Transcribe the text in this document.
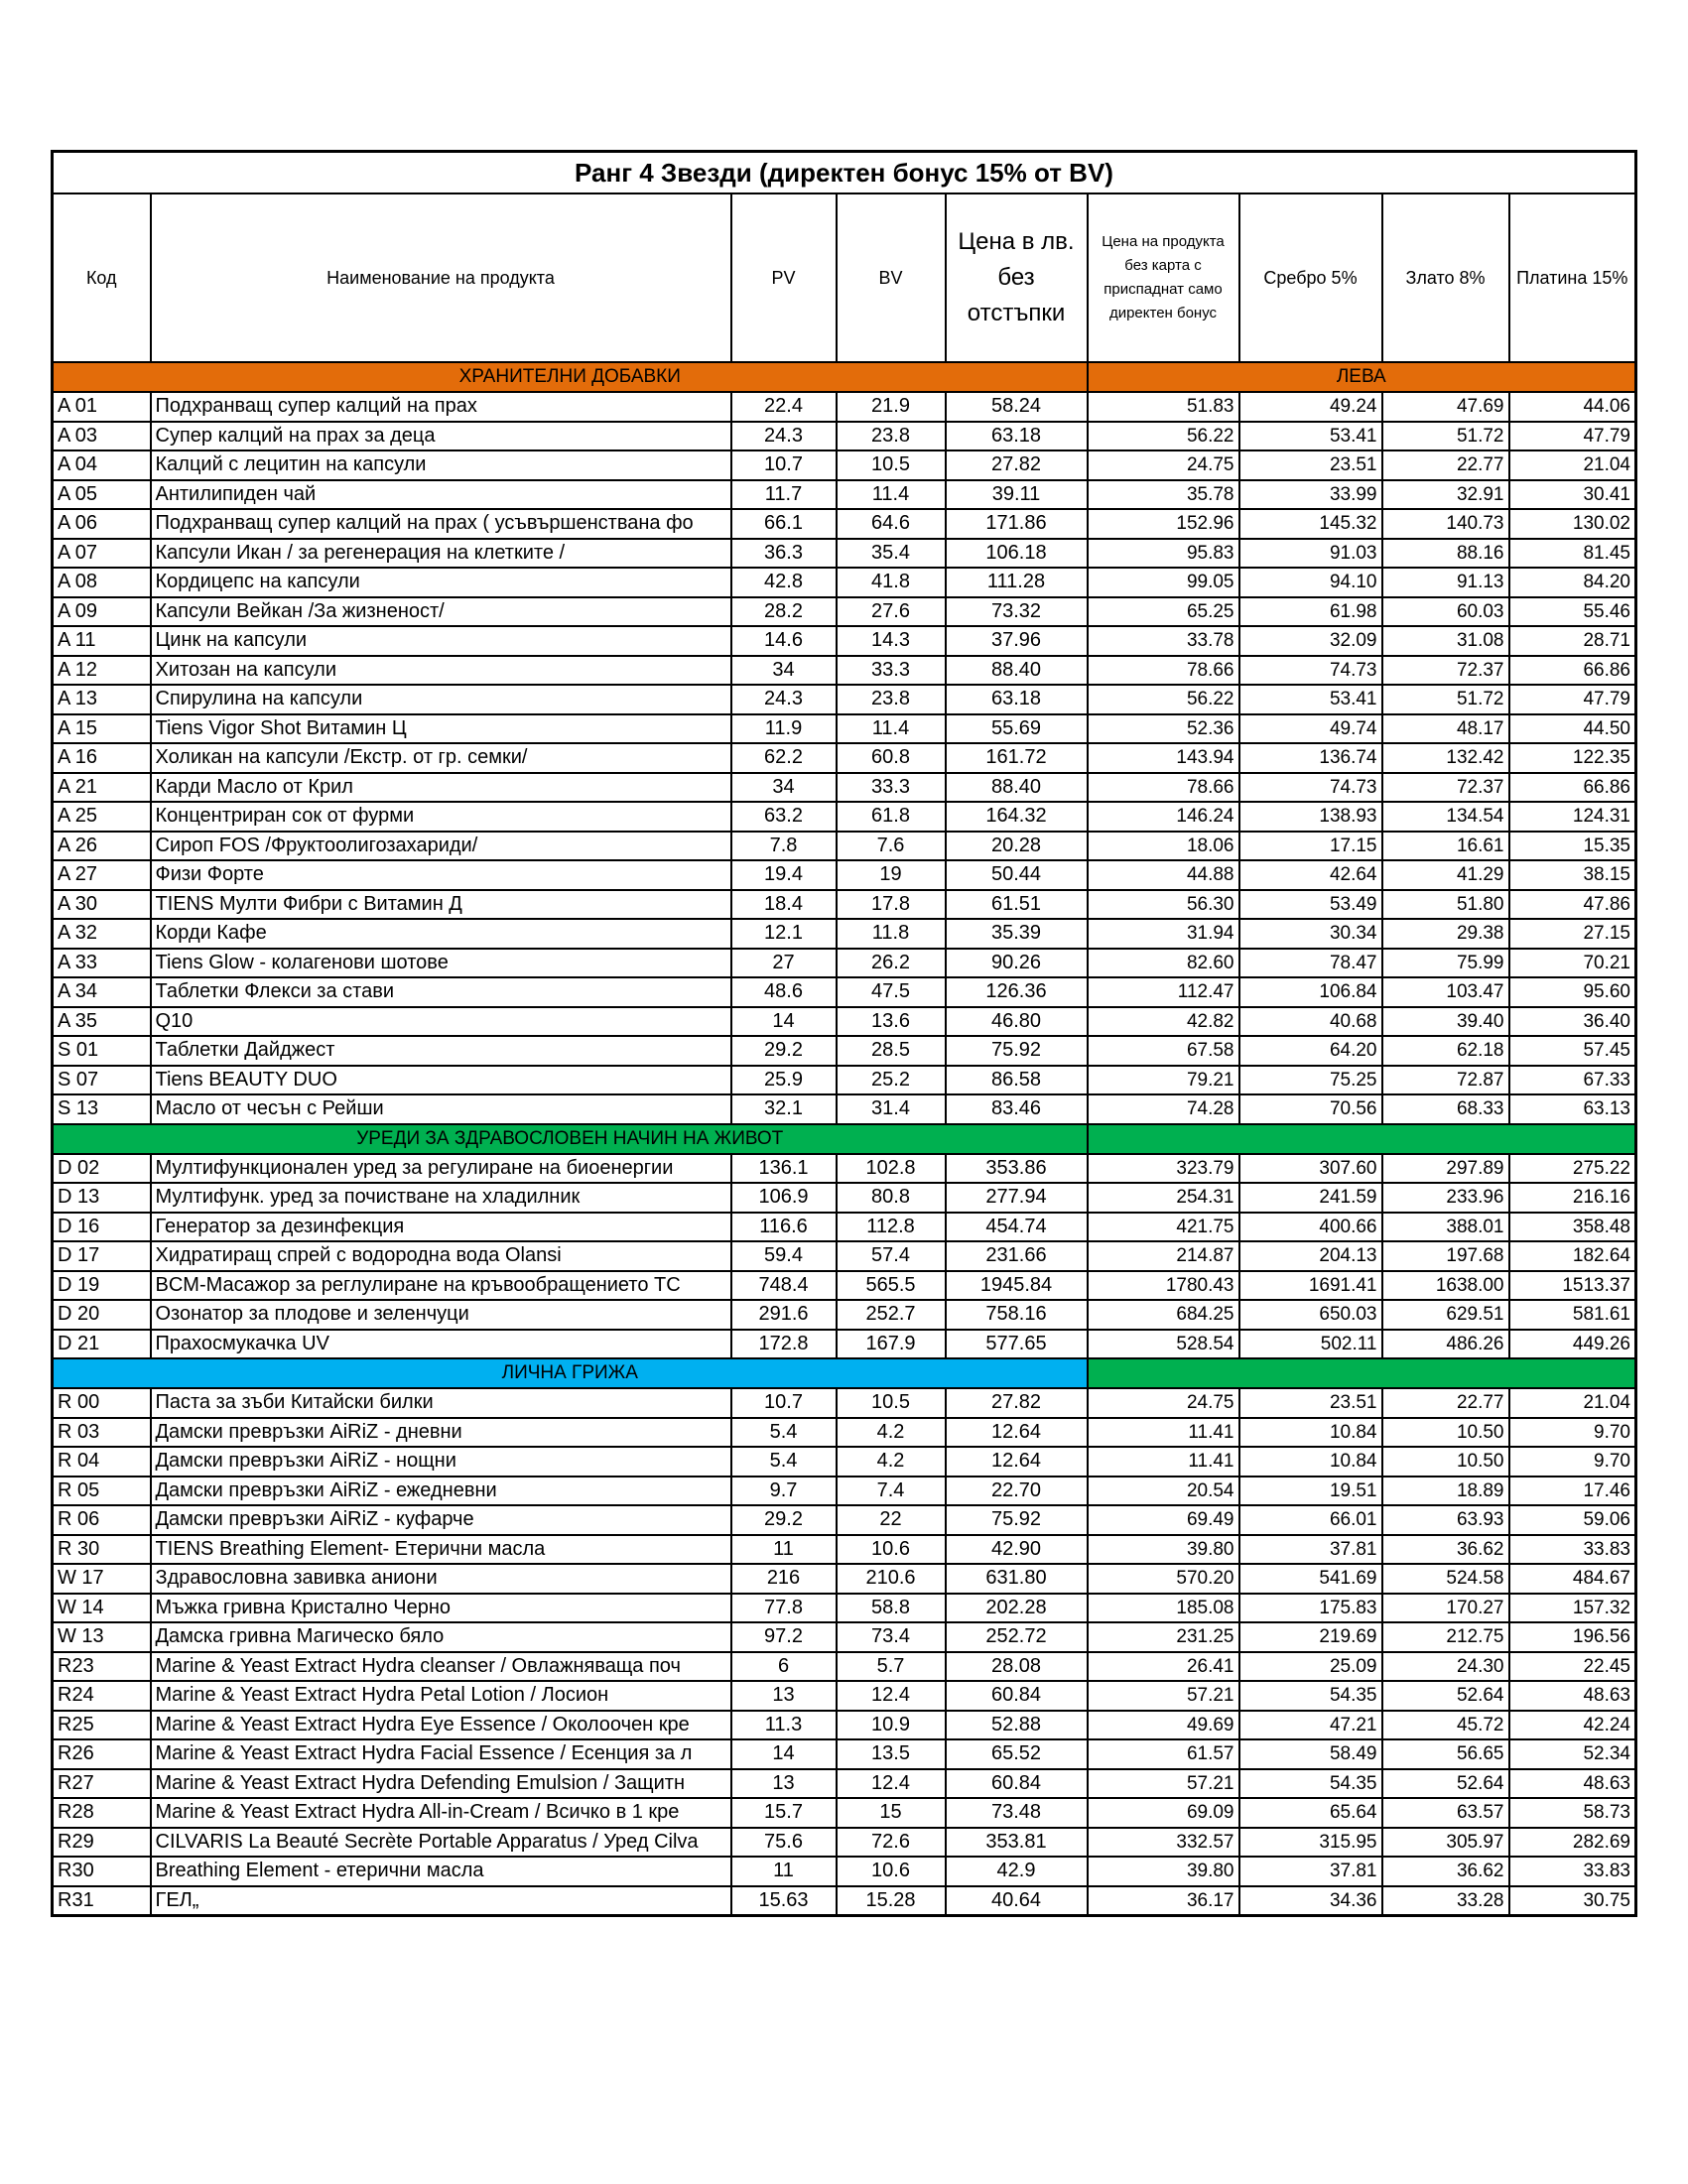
Ранг 4 Звезди (директен бонус 15% от BV)								
Код	Наименование на продукта	PV	BV	Цена в лв. без отстъпки	Цена на продукта без карта с приспаднат само директен бонус	Сребро 5%	Злато 8%	Платина 15%
ХРАНИТЕЛНИ ДОБАВКИ					ЛЕВА			
A 01	Подхранващ супер калций на прах	22.4	21.9	58.24	51.83	49.24	47.69	44.06
A 03	Супер калций на прах за деца	24.3	23.8	63.18	56.22	53.41	51.72	47.79
A 04	Калций с лецитин на капсули	10.7	10.5	27.82	24.75	23.51	22.77	21.04
A 05	Антилипиден чай	11.7	11.4	39.11	35.78	33.99	32.91	30.41
A 06	Подхранващ супер калций на прах ( усъвършенствана фо	66.1	64.6	171.86	152.96	145.32	140.73	130.02
A 07	Капсули Икан / за регенерация на клетките /	36.3	35.4	106.18	95.83	91.03	88.16	81.45
A 08	Кордицепс на капсули	42.8	41.8	111.28	99.05	94.10	91.13	84.20
A 09	Капсули Вейкан /За жизненост/	28.2	27.6	73.32	65.25	61.98	60.03	55.46
A 11	Цинк на капсули	14.6	14.3	37.96	33.78	32.09	31.08	28.71
A 12	Хитозан на капсули	34	33.3	88.40	78.66	74.73	72.37	66.86
A 13	Спирулина на капсули	24.3	23.8	63.18	56.22	53.41	51.72	47.79
A 15	Tiens Vigor Shot Витамин Ц	11.9	11.4	55.69	52.36	49.74	48.17	44.50
A 16	Холикан на капсули /Екстр. от гр. семки/	62.2	60.8	161.72	143.94	136.74	132.42	122.35
A 21	Карди Масло от Крил	34	33.3	88.40	78.66	74.73	72.37	66.86
A 25	Концентриран сок от фурми	63.2	61.8	164.32	146.24	138.93	134.54	124.31
A 26	Сироп FOS /Фруктоолигозахариди/	7.8	7.6	20.28	18.06	17.15	16.61	15.35
A 27	Физи Форте	19.4	19	50.44	44.88	42.64	41.29	38.15
A 30	TIENS Мулти Фибри с Витамин Д	18.4	17.8	61.51	56.30	53.49	51.80	47.86
A 32	Корди Кафе	12.1	11.8	35.39	31.94	30.34	29.38	27.15
A 33	Tiens Glow - колагенови шотове	27	26.2	90.26	82.60	78.47	75.99	70.21
A 34	Таблетки Флекси за стави	48.6	47.5	126.36	112.47	106.84	103.47	95.60
A 35	Q10	14	13.6	46.80	42.82	40.68	39.40	36.40
S 01	Таблетки Дайджест	29.2	28.5	75.92	67.58	64.20	62.18	57.45
S 07	Tiens BEAUTY DUO	25.9	25.2	86.58	79.21	75.25	72.87	67.33
S 13	Масло от чесън с Рейши	32.1	31.4	83.46	74.28	70.56	68.33	63.13
УРЕДИ ЗА ЗДРАВОСЛОВЕН НАЧИН НА ЖИВОТ								
D 02	Мултифункционален уред за регулиране на биоенергии	136.1	102.8	353.86	323.79	307.60	297.89	275.22
D 13	Мултифунк. уред за почистване на хладилник	106.9	80.8	277.94	254.31	241.59	233.96	216.16
D 16	Генератор за дезинфекция	116.6	112.8	454.74	421.75	400.66	388.01	358.48
D 17	Хидратиращ спрей с водородна вода Olansi	59.4	57.4	231.66	214.87	204.13	197.68	182.64
D 19	BCM-Масажор за реглулиране на кръвообращението TC	748.4	565.5	1945.84	1780.43	1691.41	1638.00	1513.37
D 20	Озонатор за плодове и зеленчуци	291.6	252.7	758.16	684.25	650.03	629.51	581.61
D 21	Прахосмукачка UV	172.8	167.9	577.65	528.54	502.11	486.26	449.26
ЛИЧНА ГРИЖА								
R 00	Паста за зъби Китайски билки	10.7	10.5	27.82	24.75	23.51	22.77	21.04
R 03	Дамски превръзки AiRiZ - дневни	5.4	4.2	12.64	11.41	10.84	10.50	9.70
R 04	Дамски превръзки AiRiZ - нощни	5.4	4.2	12.64	11.41	10.84	10.50	9.70
R 05	Дамски превръзки AiRiZ - ежедневни	9.7	7.4	22.70	20.54	19.51	18.89	17.46
R 06	Дамски превръзки AiRiZ - куфарче	29.2	22	75.92	69.49	66.01	63.93	59.06
R 30	TIENS Breathing Element- Етерични масла	11	10.6	42.90	39.80	37.81	36.62	33.83
W 17	Здравословна завивка аниони	216	210.6	631.80	570.20	541.69	524.58	484.67
W 14	Мъжка гривна Кристално Черно	77.8	58.8	202.28	185.08	175.83	170.27	157.32
W 13	Дамска гривна Магическо бяло	97.2	73.4	252.72	231.25	219.69	212.75	196.56
R23	Marine & Yeast Extract Hydra cleanser / Овлажняваща поч	6	5.7	28.08	26.41	25.09	24.30	22.45
R24	Marine & Yeast Extract Hydra Petal Lotion / Лосион	13	12.4	60.84	57.21	54.35	52.64	48.63
R25	Marine & Yeast Extract Hydra Eye Essence / Околоочен кре	11.3	10.9	52.88	49.69	47.21	45.72	42.24
R26	Marine & Yeast Extract Hydra Facial Essence / Есенция за л	14	13.5	65.52	61.57	58.49	56.65	52.34
R27	Marine & Yeast Extract Hydra Defending Emulsion / Защитн	13	12.4	60.84	57.21	54.35	52.64	48.63
R28	Marine & Yeast Extract Hydra All-in-Cream / Всичко в 1 кре	15.7	15	73.48	69.09	65.64	63.57	58.73
R29	CILVARIS La Beauté Secrète Portable Apparatus / Уред Cilva	75.6	72.6	353.81	332.57	315.95	305.97	282.69
R30	Breathing Element - етерични масла	11	10.6	42.9	39.80	37.81	36.62	33.83
R31	ГЕЛ„	15.63	15.28	40.64	36.17	34.36	33.28	30.75
